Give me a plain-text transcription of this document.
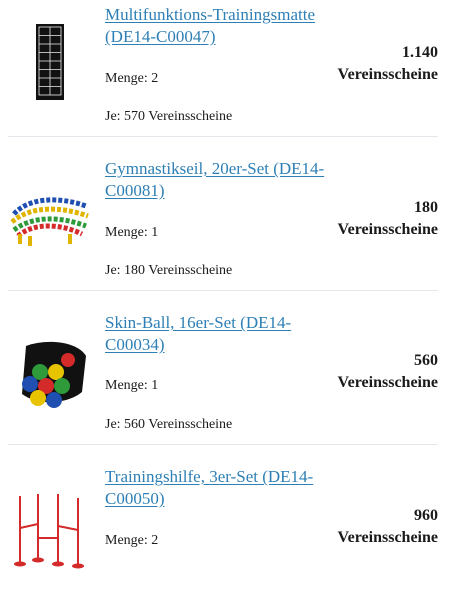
Multifunktions-Trainingsmatte (DE14-C00047)
Menge: 2
Je: 570 Vereinsscheine
1.140
Vereinsscheine
Gymnastikseil, 20er-Set (DE14-C00081)
Menge: 1
Je: 180 Vereinsscheine
180
Vereinsscheine
Skin-Ball, 16er-Set (DE14-C00034)
Menge: 1
Je: 560 Vereinsscheine
560
Vereinsscheine
Trainingshilfe, 3er-Set (DE14-C00050)
Menge: 2
960
Vereinsscheine
